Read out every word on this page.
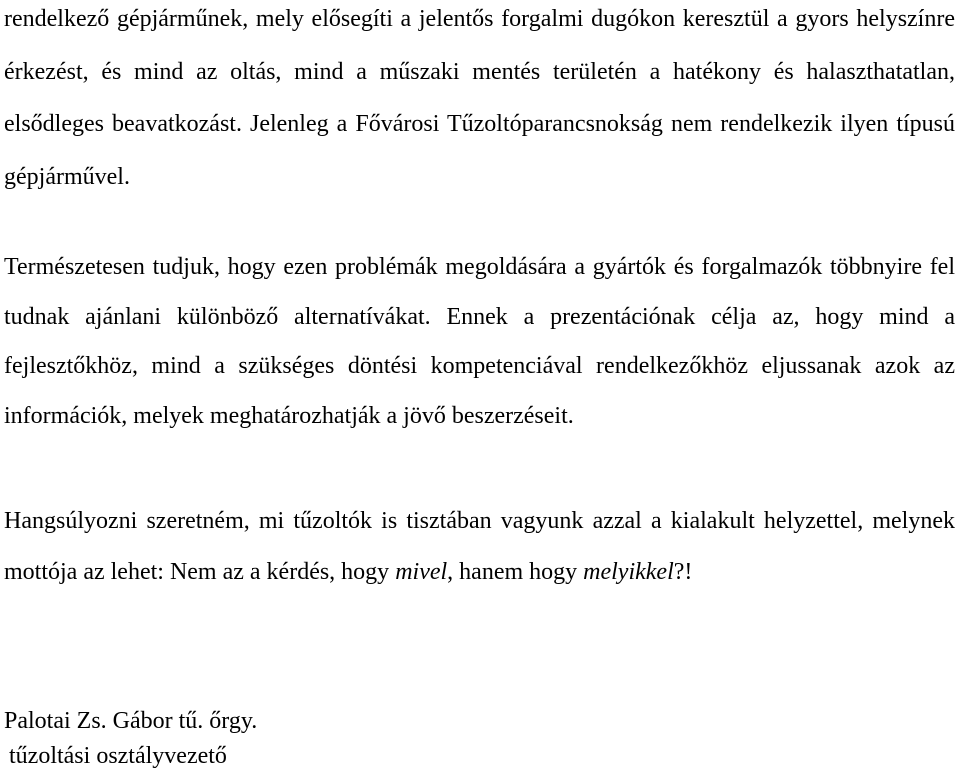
rendelkező gépjárműnek, mely elősegíti a jelentős forgalmi dugókon keresztül a gyors helyszínre érkezést, és mind az oltás, mind a műszaki mentés területén a hatékony és halaszthatatlan, elsődleges beavatkozást. Jelenleg a Fővárosi Tűzoltóparancsnokság nem rendelkezik ilyen típusú gépjárművel.

Természetesen tudjuk, hogy ezen problémák megoldására a gyártók és forgalmazók többnyire fel tudnak ajánlani különböző alternatívákat. Ennek a prezentációnak célja az, hogy mind a fejlesztőkhöz, mind a szükséges döntési kompetenciával rendelkezőkhöz eljussanak azok az információk, melyek meghatározhatják a jövő beszerzéseit.

Hangsúlyozni szeretném, mi tűzoltók is tisztában vagyunk azzal a kialakult helyzettel, melynek mottója az lehet: Nem az a kérdés, hogy mivel, hanem hogy melyikkel?!

Palotai Zs. Gábor tű. őrgy.

tűzoltási osztályvezető
